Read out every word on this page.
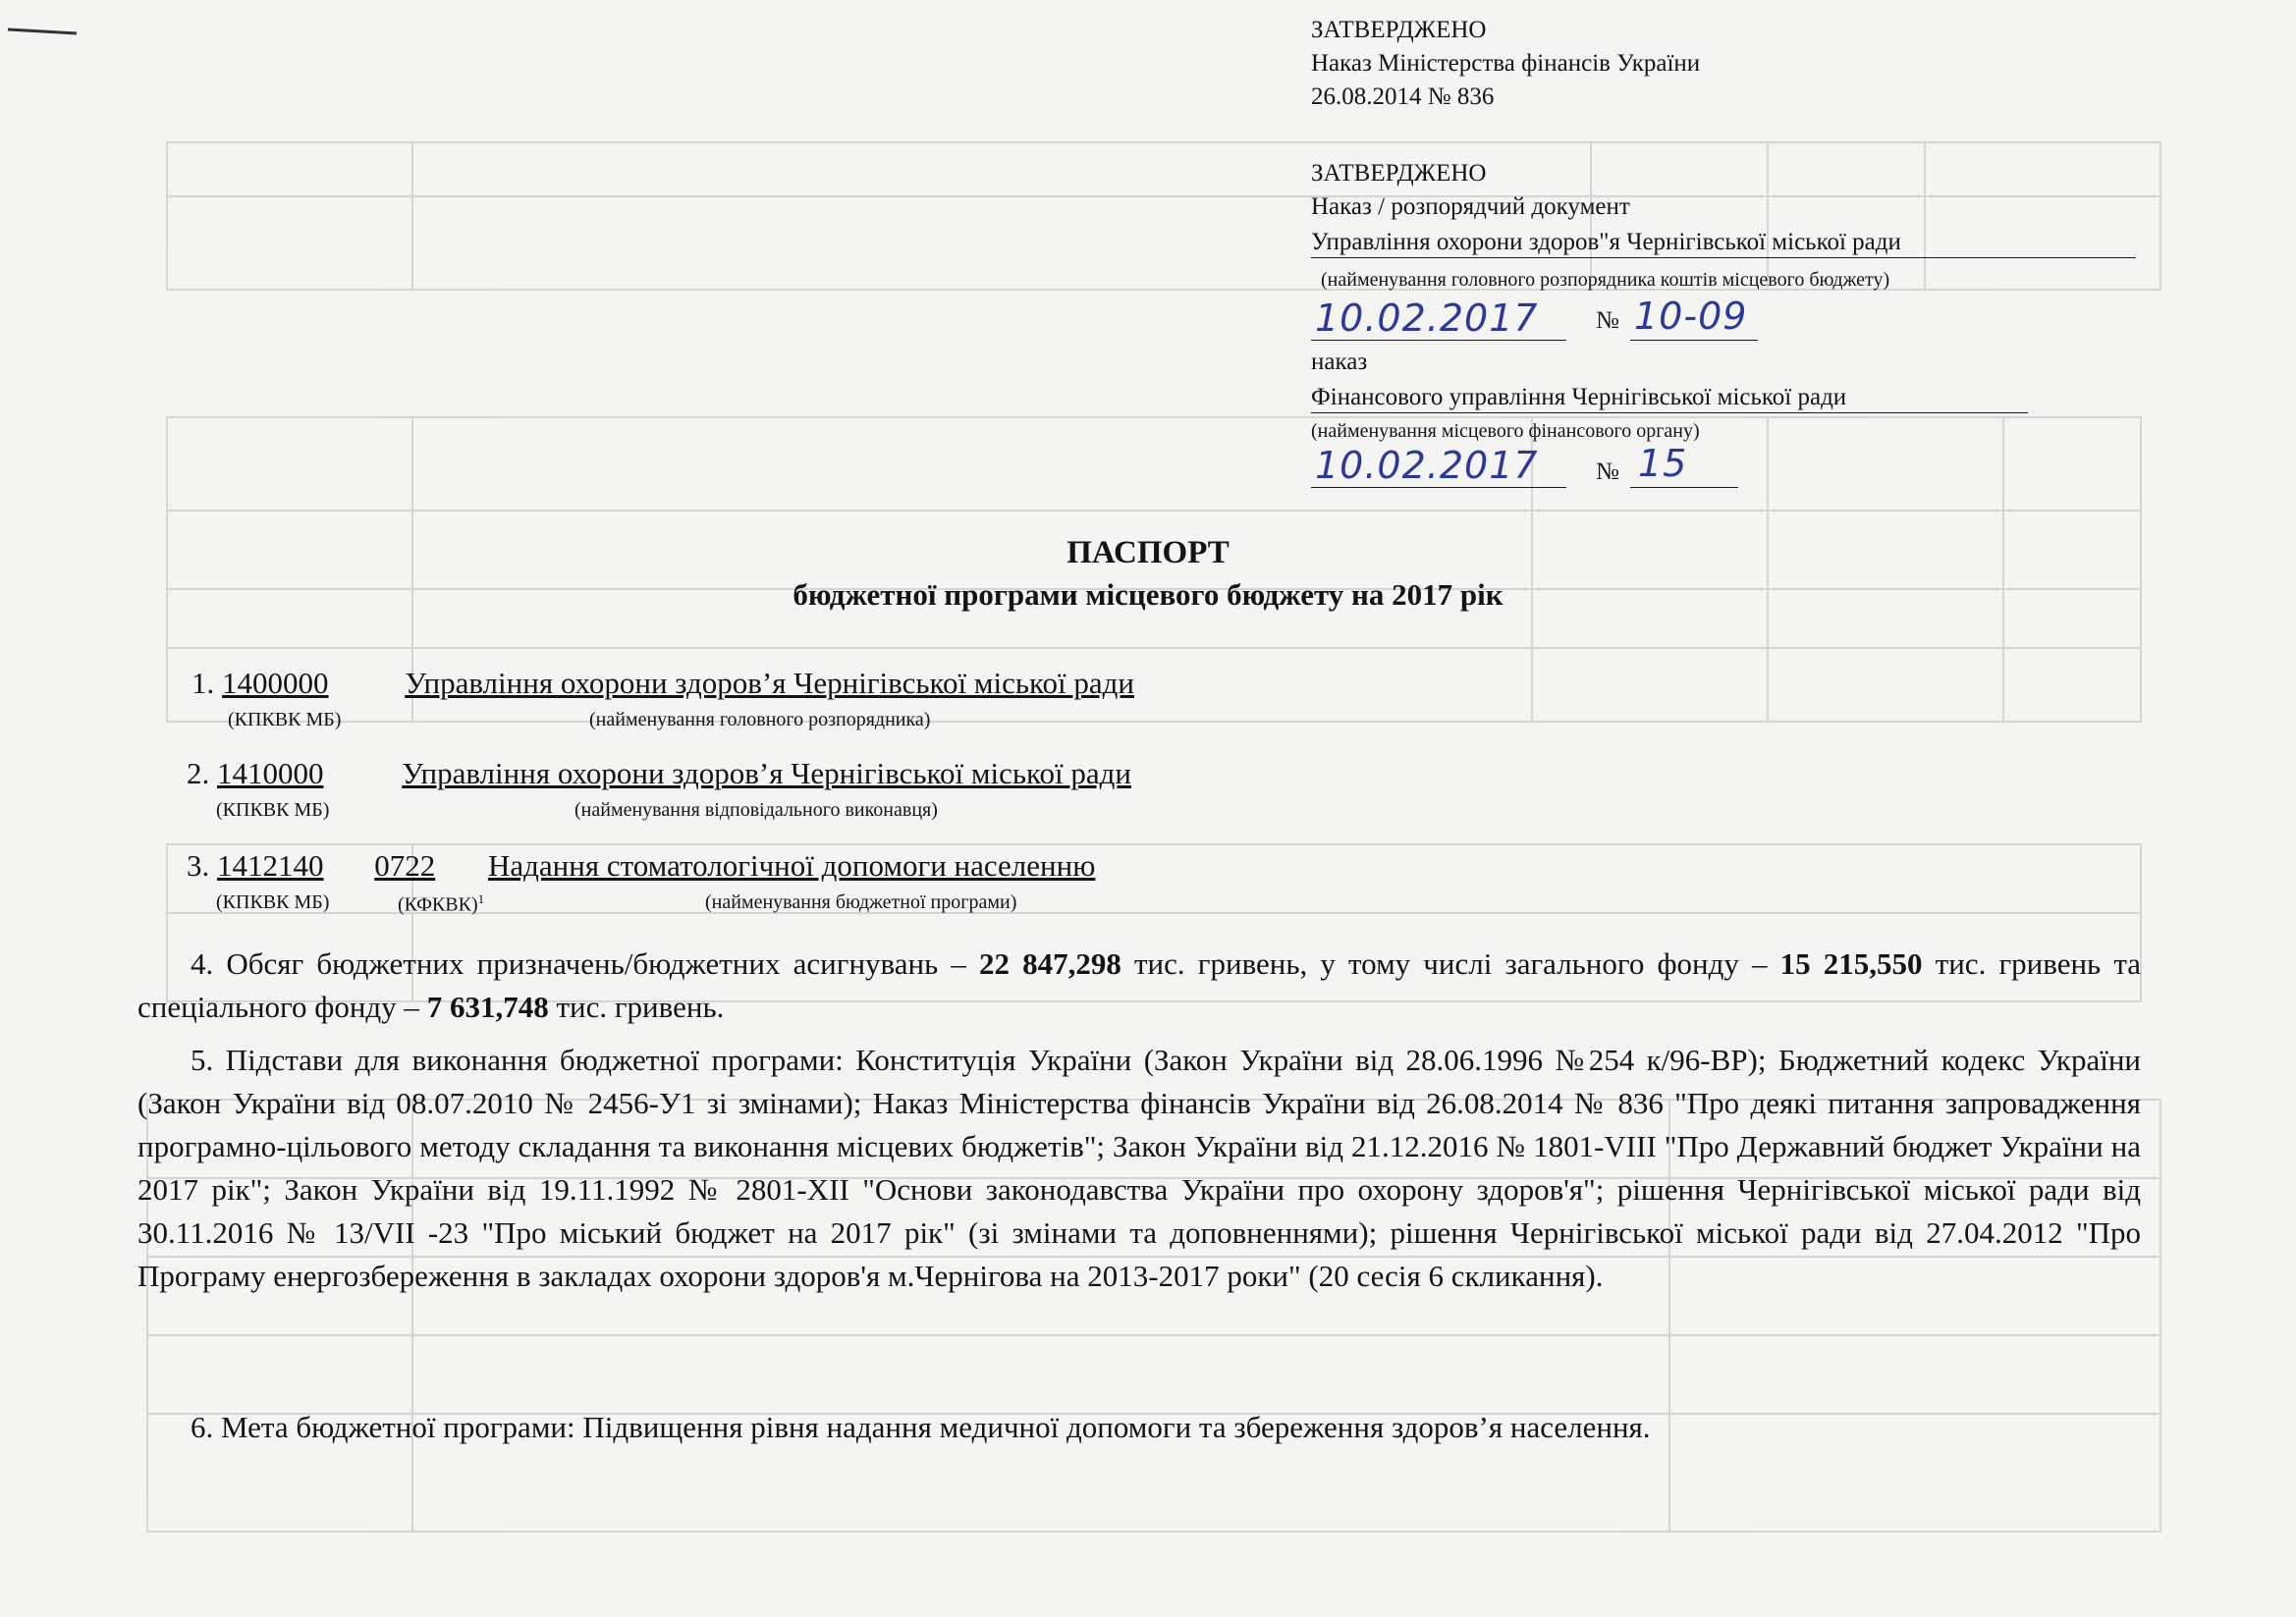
ЗАТВЕРДЖЕНО
Наказ Міністерства фінансів України
26.08.2014 № 836
ЗАТВЕРДЖЕНО
Наказ / розпорядчий документ
Управління охорони здоров"я Чернігівської міської ради
(найменування головного розпорядника коштів місцевого бюджету)
10.02.2017 № 10-09
наказ
Фінансового управління Чернігівської міської ради
(найменування місцевого фінансового органу)
10.02.2017 № 15
ПАСПОРТ
бюджетної програми місцевого бюджету на 2017 рік
1. 1400000	Управління охорони здоров’я Чернігівської міської ради
(КПКВК МБ)	(найменування головного розпорядника)
2. 1410000	Управління охорони здоров’я Чернігівської міської ради
(КПКВК МБ)	(найменування відповідального виконавця)
3. 1412140 0722 Надання стоматологічної допомоги населенню
(КПКВК МБ)	(КФКВК)$^1$	(найменування бюджетної програми)
4. Обсяг бюджетних призначень/бюджетних асигнувань – 22 847,298 тис. гривень, у тому числі загального фонду – 15 215,550 тис. гривень та спеціального фонду – 7 631,748 тис. гривень.
5. Підстави для виконання бюджетної програми: Конституція України (Закон України від 28.06.1996 №254 к/96-ВР); Бюджетний кодекс України (Закон України від 08.07.2010 № 2456-У1 зі змінами); Наказ Міністерства фінансів України від 26.08.2014 № 836 "Про деякі питання запровадження програмно-цільового методу складання та виконання місцевих бюджетів"; Закон України від 21.12.2016 № 1801-VIII "Про Державний бюджет України на 2017 рік"; Закон України від 19.11.1992 № 2801-XII "Основи законодавства України про охорону здоров'я"; рішення Чернігівської міської ради від 30.11.2016 № 13/VII -23 "Про міський бюджет на 2017 рік" (зі змінами та доповненнями); рішення Чернігівської міської ради від 27.04.2012 "Про Програму енергозбереження в закладах охорони здоров'я м.Чернігова на 2013-2017 роки" (20 сесія 6 скликання).
6. Мета бюджетної програми: Підвищення рівня надання медичної допомоги та збереження здоров’я населення.
